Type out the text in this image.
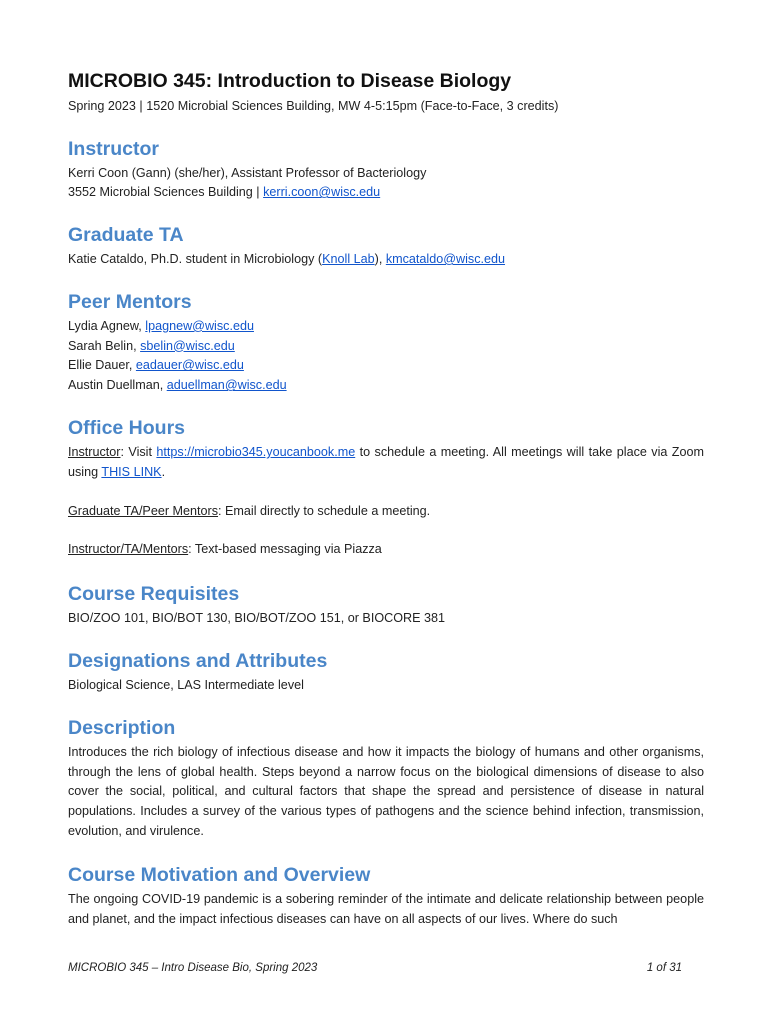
MICROBIO 345: Introduction to Disease Biology

Spring 2023 | 1520 Microbial Sciences Building, MW 4-5:15pm (Face-to-Face, 3 credits)

Instructor

Kerri Coon (Gann) (she/her), Assistant Professor of Bacteriology

3552 Microbial Sciences Building | kerri.coon@wisc.edu

Graduate TA

Katie Cataldo, Ph.D. student in Microbiology (Knoll Lab), kmcataldo@wisc.edu

Peer Mentors

Lydia Agnew, lpagnew@wisc.edu

Sarah Belin, sbelin@wisc.edu

Ellie Dauer, eadauer@wisc.edu

Austin Duellman, aduellman@wisc.edu

Office Hours

Instructor: Visit https://microbio345.youcanbook.me to schedule a meeting. All meetings will take place via Zoom using THIS LINK.

Graduate TA/Peer Mentors: Email directly to schedule a meeting.

Instructor/TA/Mentors: Text-based messaging via Piazza

Course Requisites

BIO/ZOO 101, BIO/BOT 130, BIO/BOT/ZOO 151, or BIOCORE 381

Designations and Attributes

Biological Science, LAS Intermediate level

Description

Introduces the rich biology of infectious disease and how it impacts the biology of humans and other organisms, through the lens of global health. Steps beyond a narrow focus on the biological dimensions of disease to also cover the social, political, and cultural factors that shape the spread and persistence of disease in natural populations. Includes a survey of the various types of pathogens and the science behind infection, transmission, evolution, and virulence.

Course Motivation and Overview

The ongoing COVID-19 pandemic is a sobering reminder of the intimate and delicate relationship between people and planet, and the impact infectious diseases can have on all aspects of our lives. Where do such

MICROBIO 345 – Intro Disease Bio, Spring 2023	1 of 31
